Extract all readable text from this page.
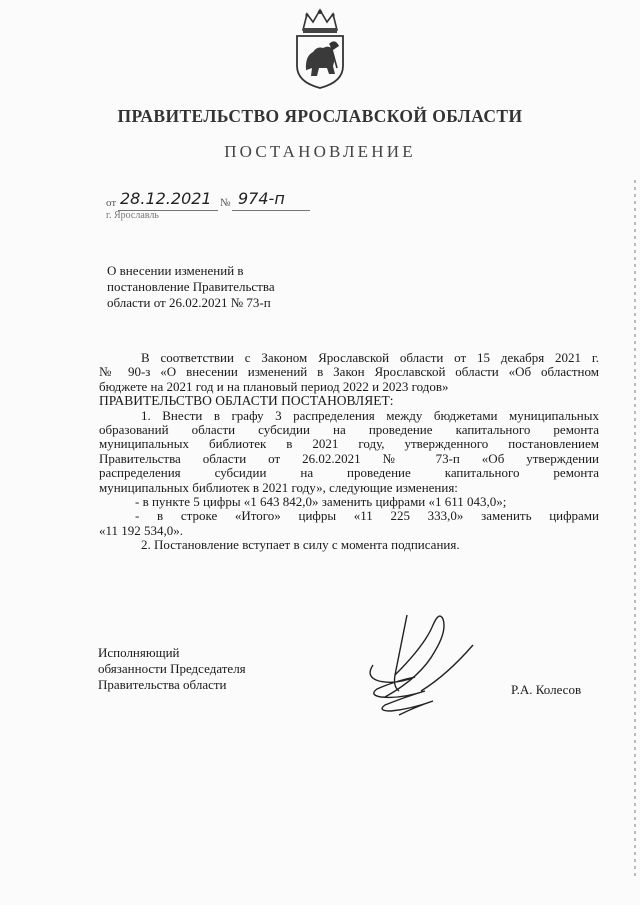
ПРАВИТЕЛЬСТВО ЯРОСЛАВСКОЙ ОБЛАСТИ
ПОСТАНОВЛЕНИЕ
от 28.12.2021 № 974-п
г. Ярославль
О внесении изменений в
постановление Правительства
области от 26.02.2021 № 73-п
В соответствии с Законом Ярославской области от 15 декабря 2021 г.
№ 90-з «О внесении изменений в Закон Ярославской области «Об областном
бюджете на 2021 год и на плановый период 2022 и 2023 годов»
ПРАВИТЕЛЬСТВО ОБЛАСТИ ПОСТАНОВЛЯЕТ:
1. Внести в графу 3 распределения между бюджетами муниципальных
образований области субсидии на проведение капитального ремонта
муниципальных библиотек в 2021 году, утвержденного постановлением
Правительства области от 26.02.2021 № 73-п «Об утверждении
распределения субсидии на проведение капитального ремонта
муниципальных библиотек в 2021 году», следующие изменения:
- в пункте 5 цифры «1 643 842,0» заменить цифрами «1 611 043,0»;
- в строке «Итого» цифры «11 225 333,0» заменить цифрами
«11 192 534,0».
2. Постановление вступает в силу с момента подписания.
Исполняющий
обязанности Председателя
Правительства области	Р.А. Колесов
